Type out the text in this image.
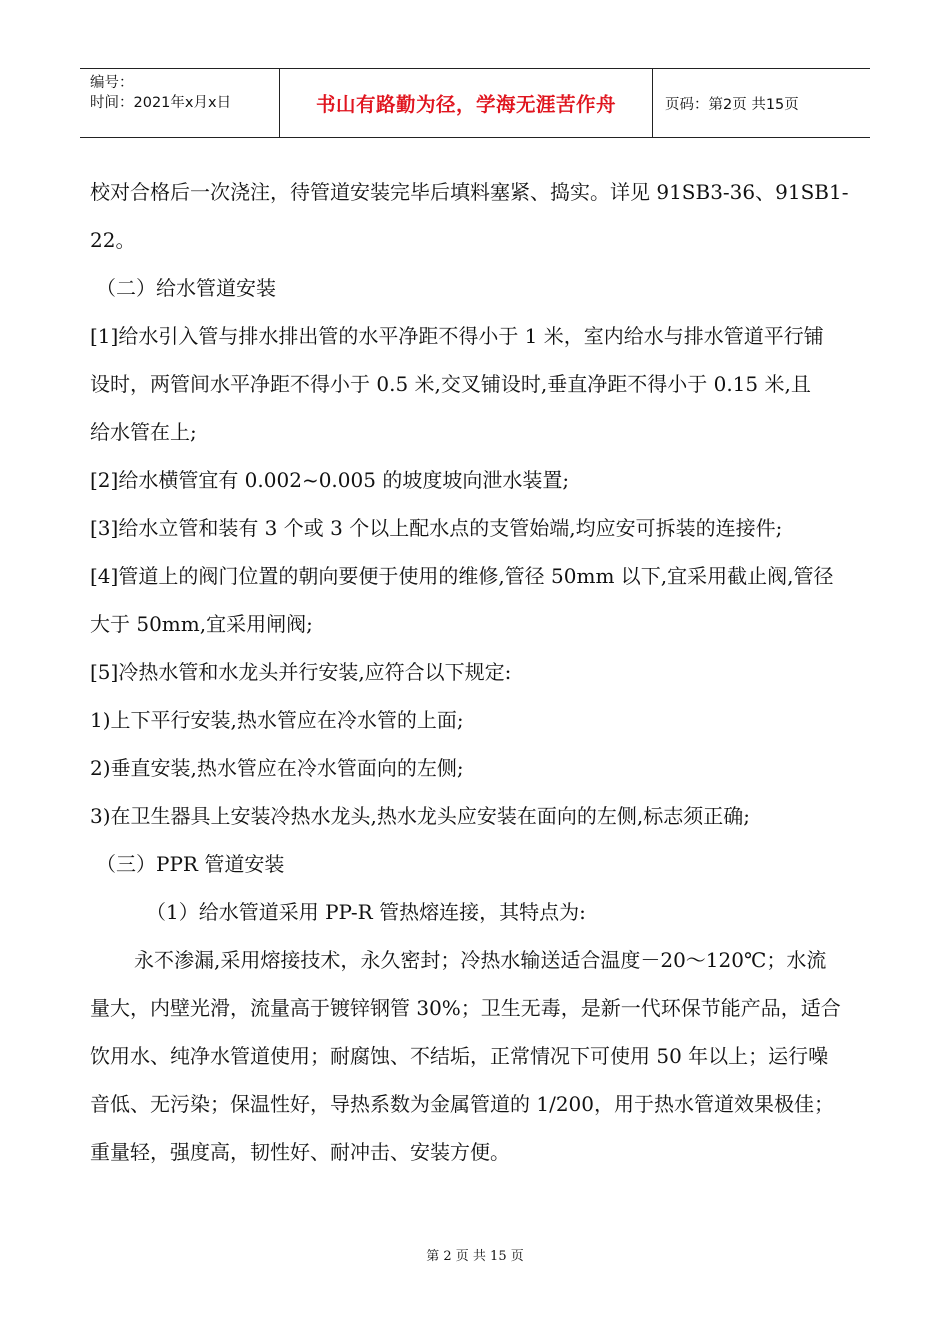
编号：
时间：2021年x月x日	书山有路勤为径，学海无涯苦作舟	页码：第2页 共15页

校对合格后一次浇注，待管道安装完毕后填料塞紧、捣实。详见 91SB3-36、91SB1-

22。

（二）给水管道安装

[1]给水引入管与排水排出管的水平净距不得小于 1 米，室内给水与排水管道平行铺

设时，两管间水平净距不得小于 0.5 米,交叉铺设时,垂直净距不得小于 0.15 米,且

给水管在上;

[2]给水横管宜有 0.002~0.005 的坡度坡向泄水装置;

[3]给水立管和装有 3 个或 3 个以上配水点的支管始端,均应安可拆装的连接件;

[4]管道上的阀门位置的朝向要便于使用的维修,管径 50mm 以下,宜采用截止阀,管径

大于 50mm,宜采用闸阀;

[5]冷热水管和水龙头并行安装,应符合以下规定:

1)上下平行安装,热水管应在冷水管的上面;

2)垂直安装,热水管应在冷水管面向的左侧;

3)在卫生器具上安装冷热水龙头,热水龙头应安装在面向的左侧,标志须正确;

（三）PPR 管道安装

（1）给水管道采用 PP-R 管热熔连接，其特点为:

永不渗漏,采用熔接技术，永久密封；冷热水输送适合温度－20～120℃；水流

量大，内壁光滑，流量高于镀锌钢管 30%；卫生无毒，是新一代环保节能产品，适合

饮用水、纯净水管道使用；耐腐蚀、不结垢，正常情况下可使用 50 年以上；运行噪

音低、无污染；保温性好，导热系数为金属管道的 1/200，用于热水管道效果极佳；

重量轻，强度高，韧性好、耐冲击、安装方便。

第 2 页 共 15 页
